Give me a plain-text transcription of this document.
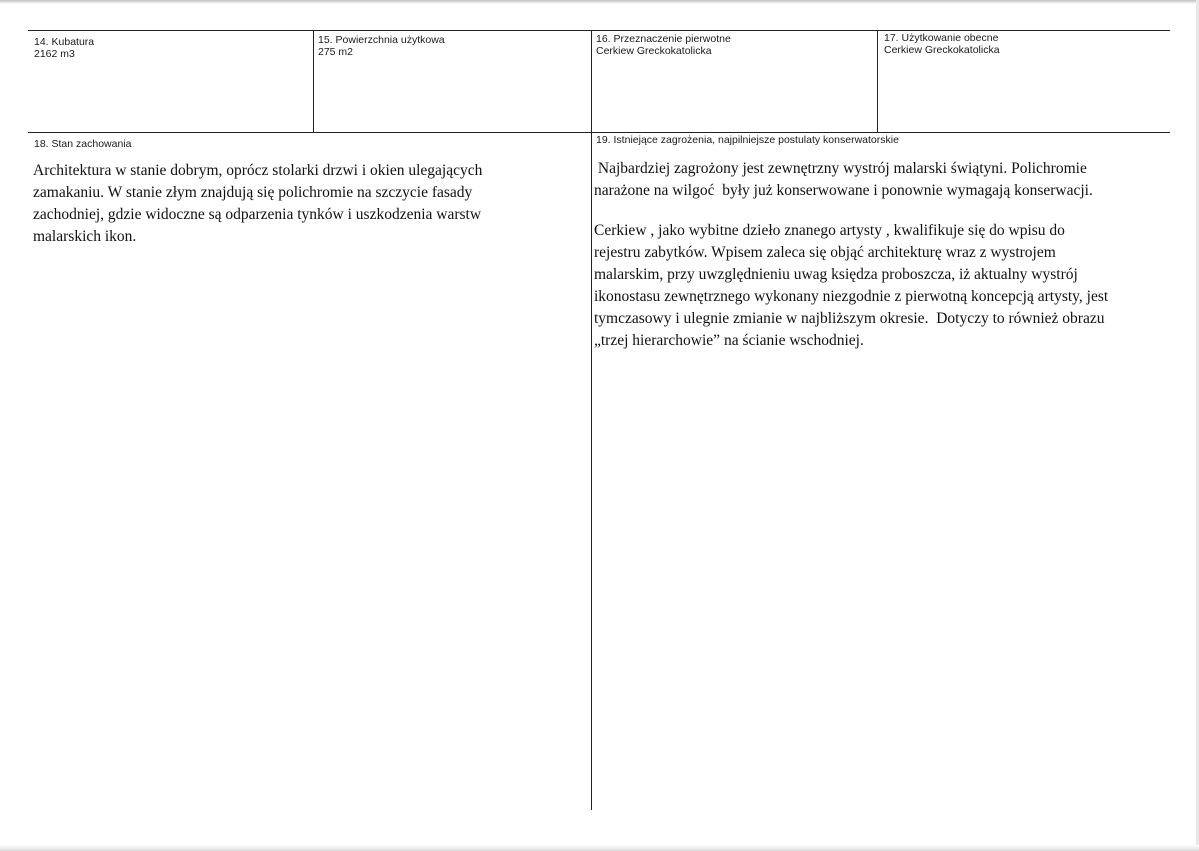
14. Kubatura
2162 m3
15. Powierzchnia użytkowa
275 m2
16. Przeznaczenie pierwotne
Cerkiew Greckokatolicka
17. Użytkowanie obecne
Cerkiew Greckokatolicka
18. Stan zachowania
Architektura w stanie dobrym, oprócz stolarki drzwi i okien ulegających
zamakaniu. W stanie złym znajdują się polichromie na szczycie fasady
zachodniej, gdzie widoczne są odparzenia tynków i uszkodzenia warstw
malarskich ikon.
19. Istniejące zagrożenia, najpilniejsze postulaty konserwatorskie
Najbardziej zagrożony jest zewnętrzny wystrój malarski świątyni. Polichromie
narażone na wilgoć  były już konserwowane i ponownie wymagają konserwacji.
Cerkiew , jako wybitne dzieło znanego artysty , kwalifikuje się do wpisu do
rejestru zabytków. Wpisem zaleca się objąć architekturę wraz z wystrojem
malarskim, przy uwzględnieniu uwag księdza proboszcza, iż aktualny wystrój
ikonostasu zewnętrznego wykonany niezgodnie z pierwotną koncepcją artysty, jest
tymczasowy i ulegnie zmianie w najbliższym okresie.  Dotyczy to również obrazu
„trzej hierarchowie” na ścianie wschodniej.
